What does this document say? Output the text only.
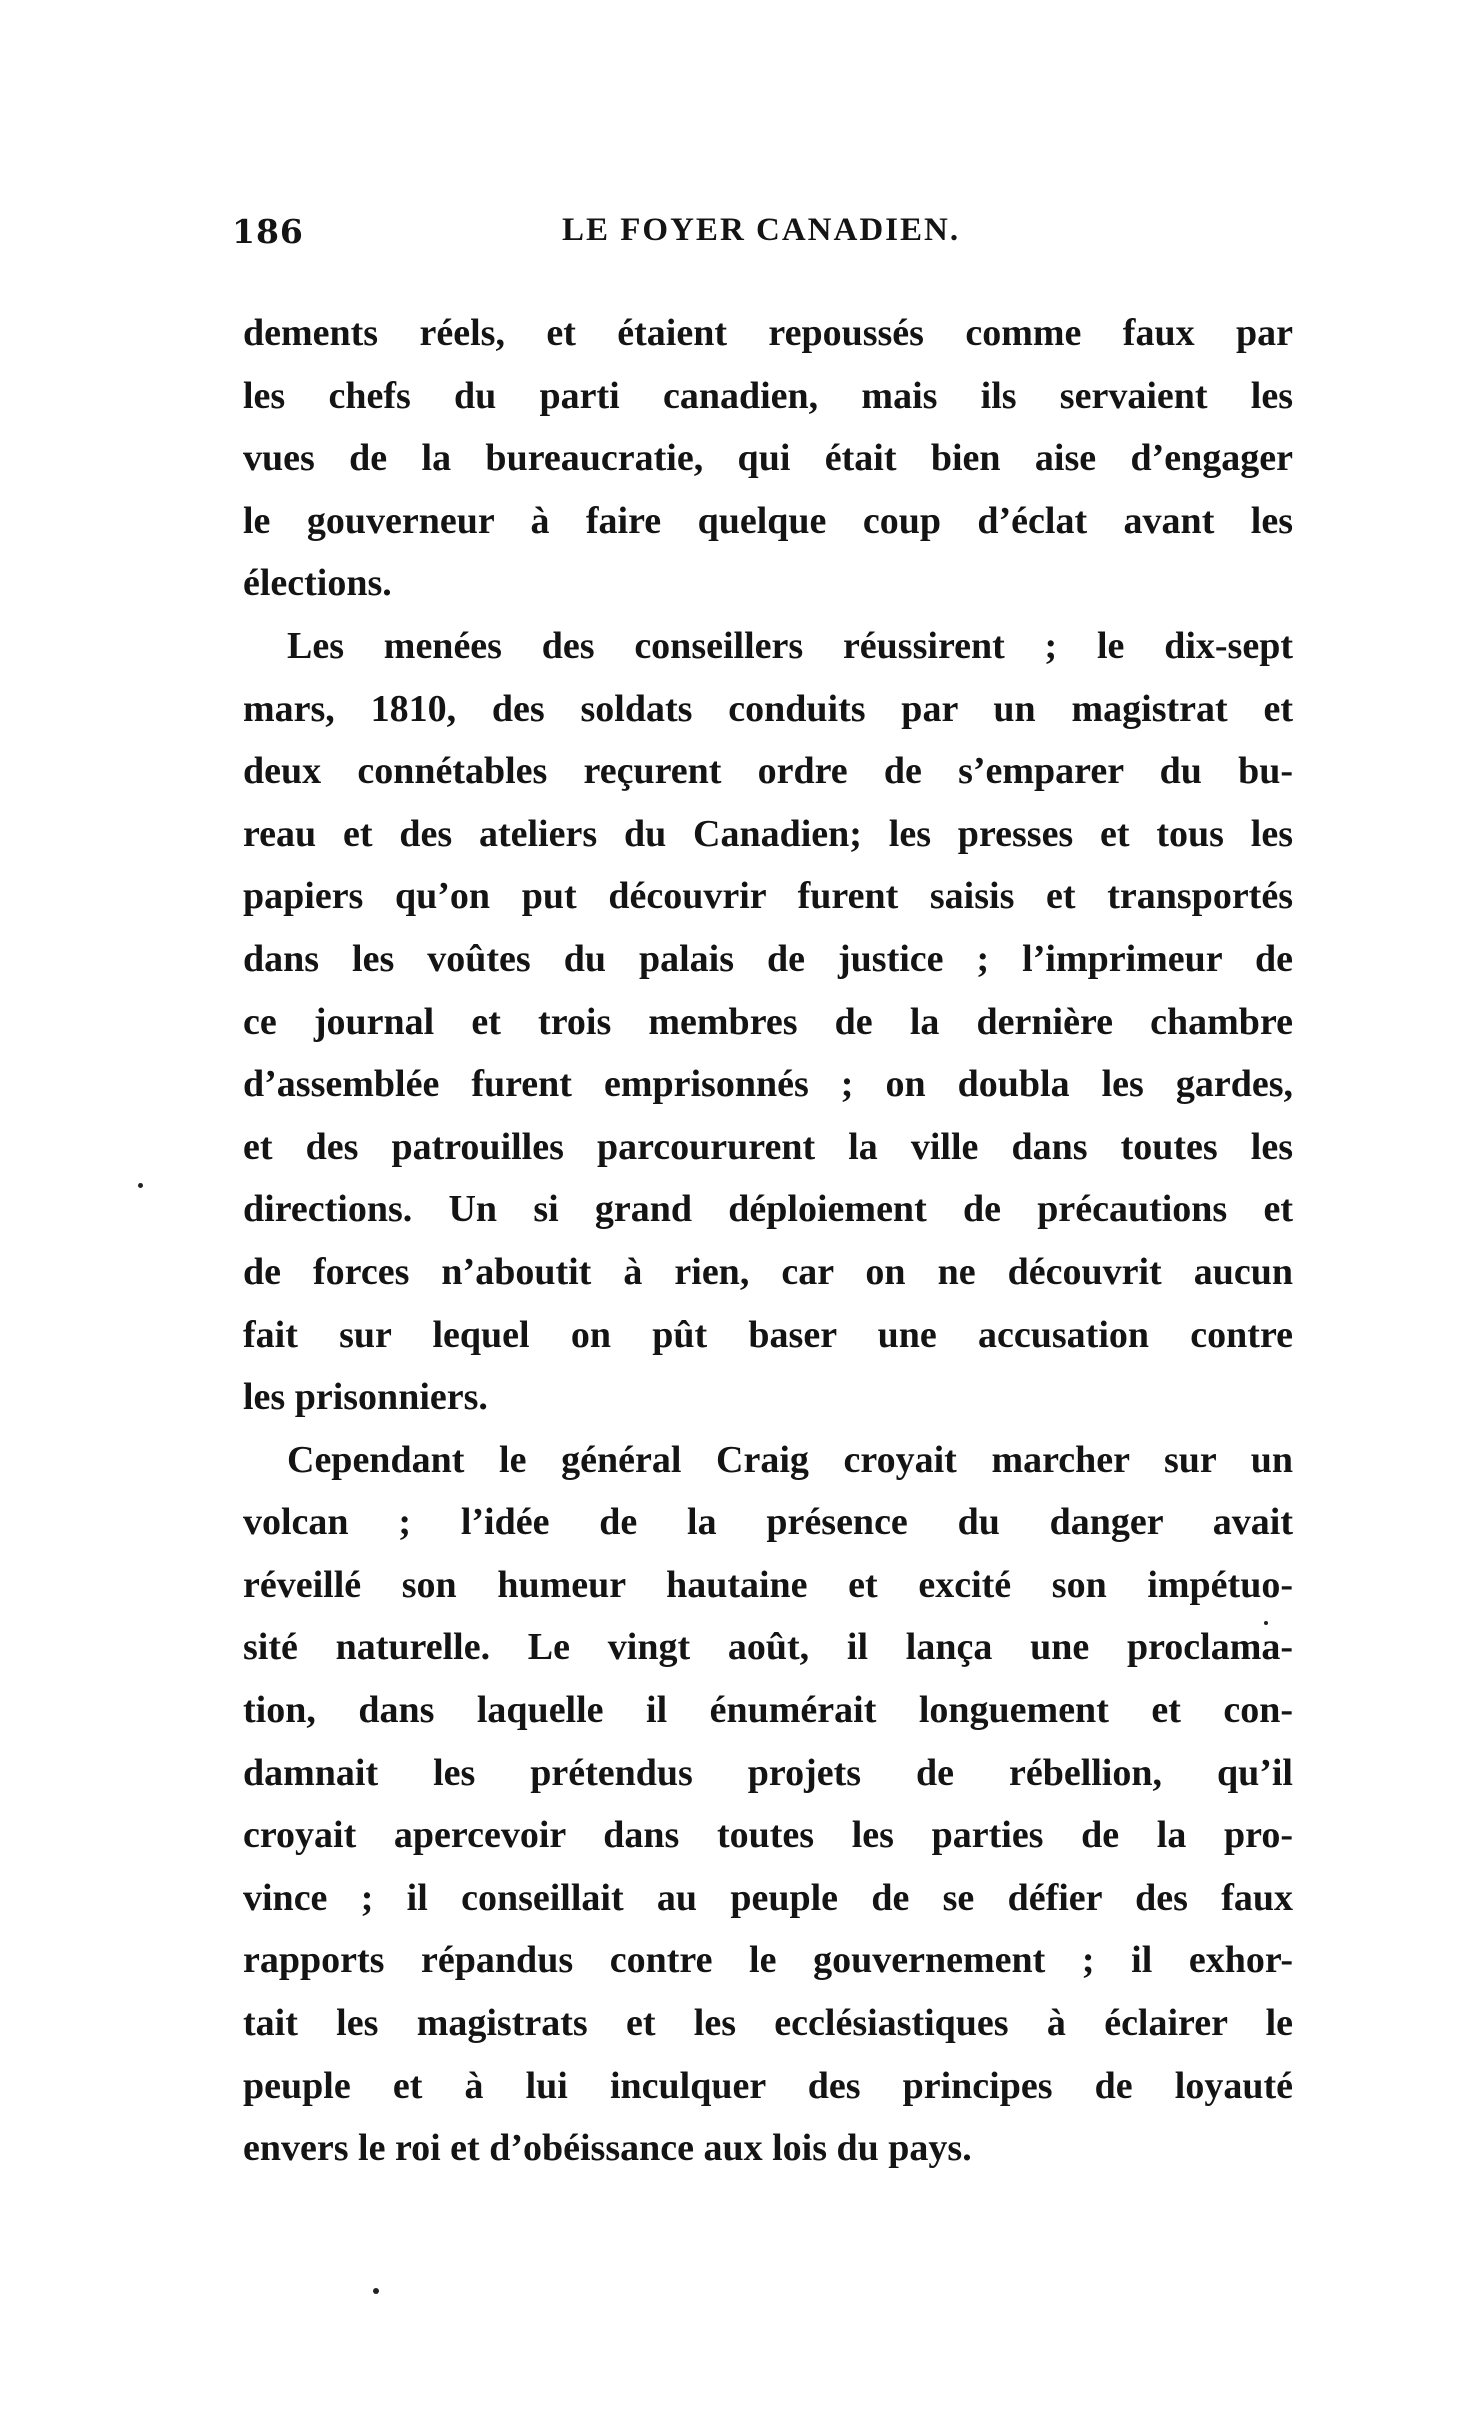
186	LE FOYER CANADIEN.
dements réels, et étaient repoussés comme faux par
les chefs du parti canadien, mais ils servaient les
vues de la bureaucratie, qui était bien aise d’engager
le gouverneur à faire quelque coup d’éclat avant les
élections.
Les menées des conseillers réussirent ; le dix-sept
mars, 1810, des soldats conduits par un magistrat et
deux connétables reçurent ordre de s’emparer du bu-
reau et des ateliers du Canadien; les presses et tous les
papiers qu’on put découvrir furent saisis et transportés
dans les voûtes du palais de justice ; l’imprimeur de
ce journal et trois membres de la dernière chambre
d’assemblée furent emprisonnés ; on doubla les gardes,
et des patrouilles parcoururent la ville dans toutes les
directions. Un si grand déploiement de précautions et
de forces n’aboutit à rien, car on ne découvrit aucun
fait sur lequel on pût baser une accusation contre
les prisonniers.
Cependant le général Craig croyait marcher sur un
volcan ; l’idée de la présence du danger avait
réveillé son humeur hautaine et excité son impétuo-
sité naturelle. Le vingt août, il lança une proclama-
tion, dans laquelle il énumérait longuement et con-
damnait les prétendus projets de rébellion, qu’il
croyait apercevoir dans toutes les parties de la pro-
vince ; il conseillait au peuple de se défier des faux
rapports répandus contre le gouvernement ; il exhor-
tait les magistrats et les ecclésiastiques à éclairer le
peuple et à lui inculquer des principes de loyauté
envers le roi et d’obéissance aux lois du pays.
